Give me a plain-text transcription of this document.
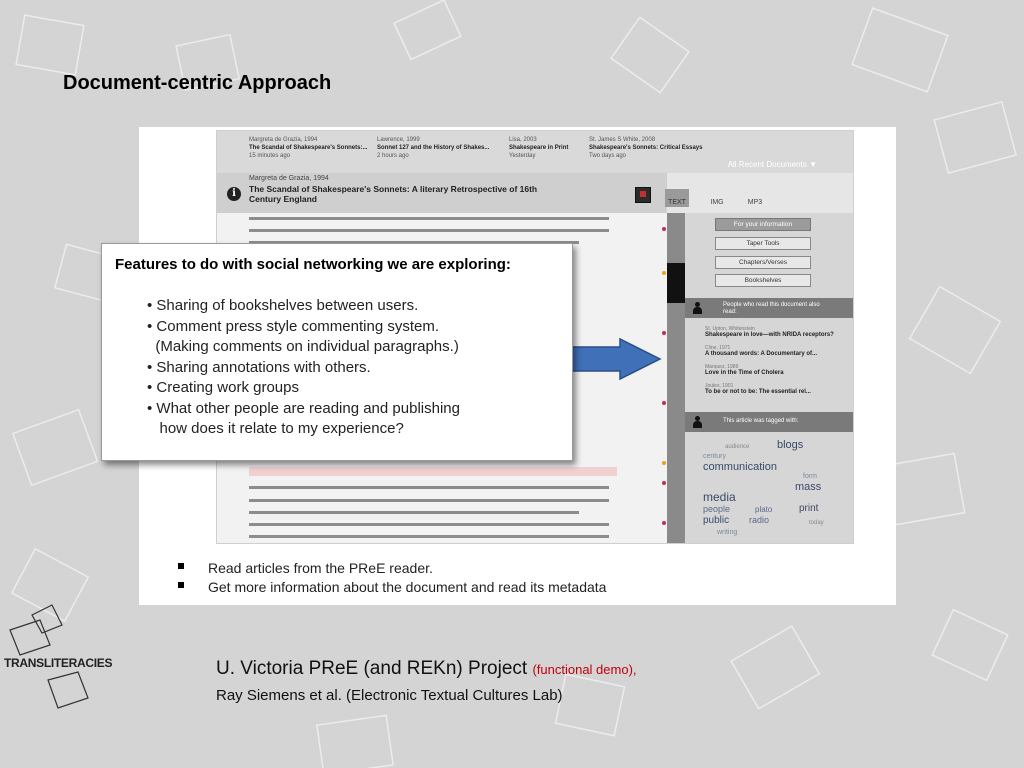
Document-centric Approach
Margreta de Grazia, 1994
The Scandal of Shakespeare's Sonnets:...
15 minutes ago
Lawrence, 1999
Sonnet 127 and the History of Shakes...
2 hours ago
Lisa, 2003
Shakespeare in Print
Yesterday
St. James S White, 2008
Shakespeare's Sonnets: Critical Essays
Two days ago
All Recent Documents ▼
i
Margreta de Grazia, 1994
The Scandal of Shakespeare's Sonnets: A literary Retrospective of 16th Century England	TEXT	IMG	MP3
For your information
Taper Tools
Chapters/Verses
Bookshelves
People who read this document also read:
St. Upton, Whitenstein
Shakespeare in love—with NRIDA receptors?
Cline, 1971
A thousand words: A Documentary of...
Marquez, 1989
Love in the Time of Cholera
Joules, 1901
To be or not to be: The essential rel...
This article was tagged with:
audience	blogs
century
communication
form
mass
media
people	plato	print
public radio	today
writing
Features to do with social networking we are exploring:
• Sharing of bookshelves between users.
• Comment press style commenting system.
(Making comments on individual paragraphs.)
• Sharing annotations with others.
• Creating work groups
• What other people are reading and publishing
how does it relate to my experience?
Read articles from the PReE reader.
Get more information about the document and read its metadata
TRANSLITERACIES	U. Victoria PReE (and REKn) Project (functional demo),
Ray Siemens et al. (Electronic Textual Cultures Lab)
